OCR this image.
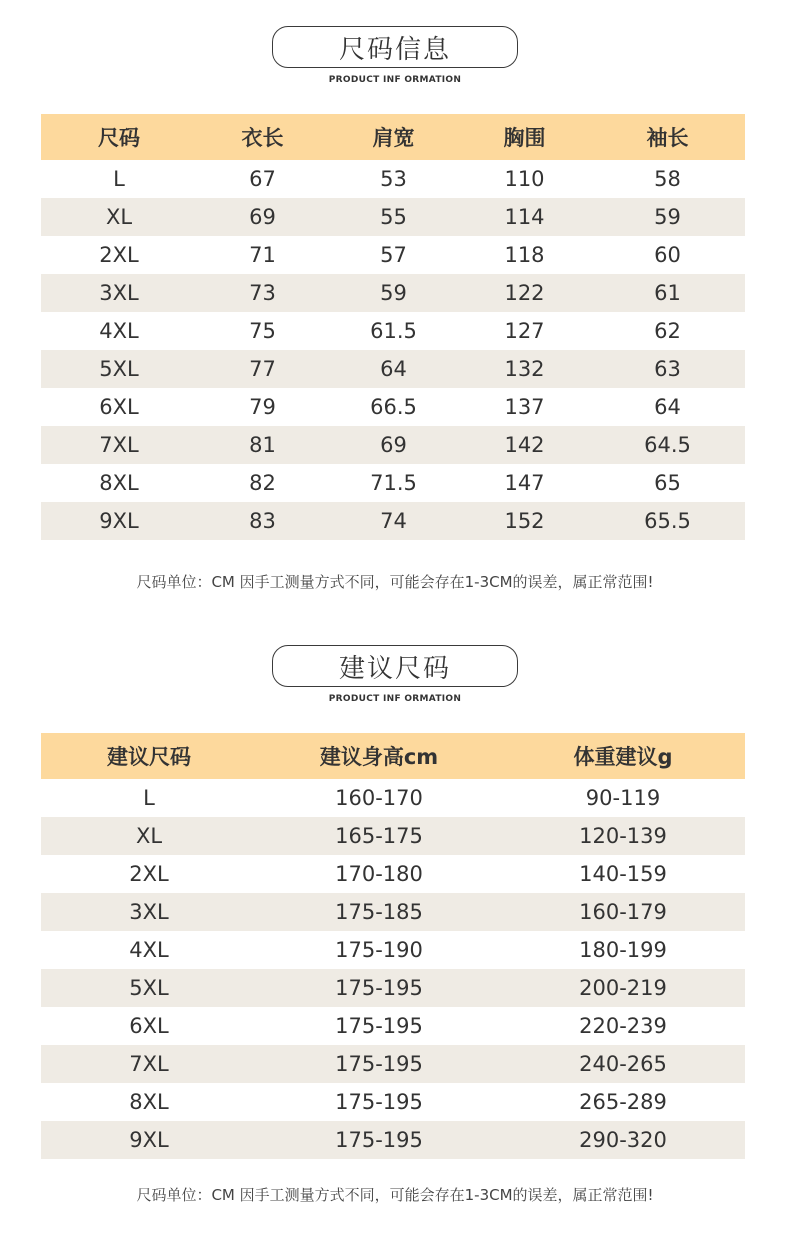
尺码信息
PRODUCT INF ORMATION
尺码	衣长	肩宽	胸围	袖长
L	67	53	110	58
XL	69	55	114	59
2XL	71	57	118	60
3XL	73	59	122	61
4XL	75	61.5	127	62
5XL	77	64	132	63
6XL	79	66.5	137	64
7XL	81	69	142	64.5
8XL	82	71.5	147	65
9XL	83	74	152	65.5
尺码单位：CM 因手工测量方式不同，可能会存在1-3CM的误差，属正常范围!
建议尺码
PRODUCT INF ORMATION
建议尺码	建议身高cm	体重建议g
L	160-170	90-119
XL	165-175	120-139
2XL	170-180	140-159
3XL	175-185	160-179
4XL	175-190	180-199
5XL	175-195	200-219
6XL	175-195	220-239
7XL	175-195	240-265
8XL	175-195	265-289
9XL	175-195	290-320
尺码单位：CM 因手工测量方式不同，可能会存在1-3CM的误差，属正常范围!
